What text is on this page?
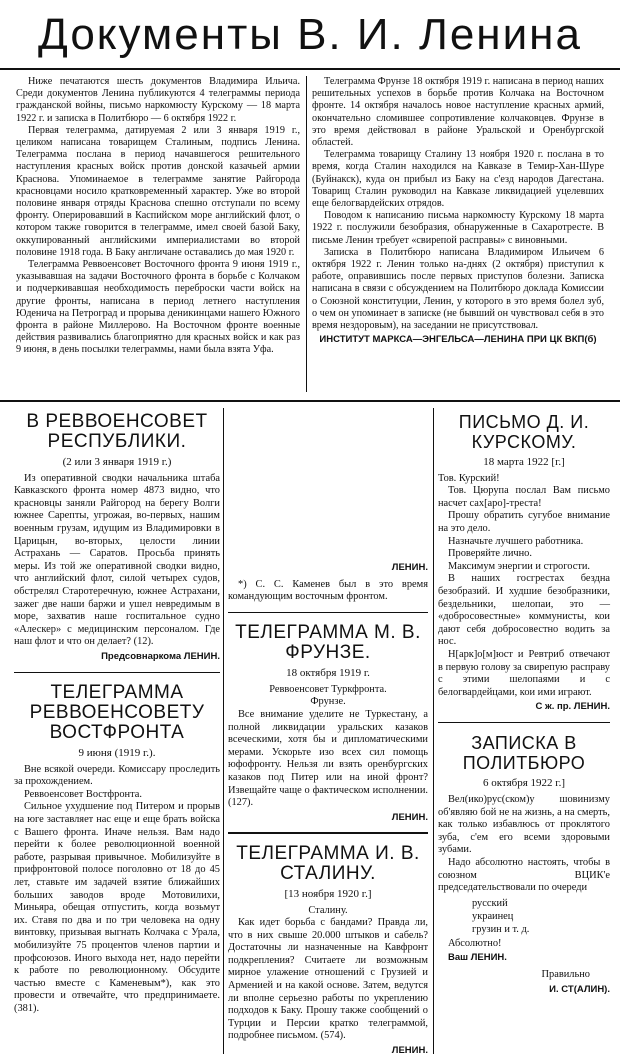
Документы В. И. Ленина

Ниже печатаются шесть документов Владимира Ильича. Среди документов Ленина публикуются 4 телеграммы периода гражданской войны, письмо наркомюсту Курскому — 18 марта 1922 г. и записка в Политбюро — 6 октября 1922 г.

Первая телеграмма, датируемая 2 или 3 января 1919 г., целиком написана товарищем Сталиным, подпись Ленина. Телеграмма послана в период начавшегося решительного наступления красных войск против донской казачьей армии Краснова. Упоминаемое в телеграмме занятие Райгорода красновцами носило кратковременный характер. Уже во второй половине января отряды Краснова спешно отступали по всему фронту. Оперировавший в Каспийском море английский флот, о котором также говорится в телеграмме, имел своей базой Баку, оккупированный английскими империалистами во второй половине 1918 года. В Баку англичане оставались до мая 1920 г.

Телеграмма Реввоенсовет Восточного фронта 9 июня 1919 г., указывавшая на задачи Восточного фронта в борьбе с Колчаком и подчеркивавшая необходимость переброски части войск на другие фронты, написана в период летнего наступления Юденича на Петроград и прорыва деникинцами нашего Южного фронта в районе Миллерово. На Восточном фронте военные действия развивались благоприятно для красных войск и как раз 9 июня, в день посылки телеграммы, нами была взята Уфа.

Телеграмма Фрунзе 18 октября 1919 г. написана в период наших решительных успехов в борьбе против Колчака на Восточном фронте. 14 октября началось новое наступление красных армий, окончательно сломившее сопротивление колчаковцев. Фрунзе в это время действовал в районе Уральской и Оренбургской областей.

Телеграмма товарищу Сталину 13 ноября 1920 г. послана в то время, когда Сталин находился на Кавказе в Темир-Хан-Шуре (Буйнакск), куда он прибыл из Баку на с'езд народов Дагестана. Товарищ Сталин руководил на Кавказе ликвидацией уцелевших еще белогвардейских отрядов.

Поводом к написанию письма наркомюсту Курскому 18 марта 1922 г. послужили безобразия, обнаруженные в Сахаротресте. В письме Ленин требует «свирепой расправы» с виновными.

Записка в Политбюро написана Владимиром Ильичем 6 октября 1922 г. Ленин только на-днях (2 октября) приступил к работе, оправившись после первых приступов болезни. Записка написана в связи с обсуждением на Политбюро доклада Комиссии о Союзной конституции, Ленин, у которого в это время болел зуб, о чем он упоминает в записке (не бывший он чувствовал себя в это время нездоровым), на заседании не присутствовал.

ИНСТИТУТ МАРКСА—ЭНГЕЛЬСА—ЛЕНИНА ПРИ ЦК ВКП(б)
В РЕВВОЕНСОВЕТ РЕСПУБЛИКИ.
(2 или 3 января 1919 г.)

Из оперативной сводки начальника штаба Кавказского фронта номер 4873 видно, что красновцы заняли Райгород на берегу Волги южнее Сарепты, угрожая, во-первых, нашим военным грузам, идущим из Владимировки в Царицын, во-вторых, целости линии Астрахань — Саратов. Просьба принять меры. Из той же оперативной сводки видно, что английский флот, силой четырех судов, обстрелял Старотеречную, южнее Астрахани, зажег две наши баржи и ушел невредимым в море, захватив наше госпитальное судно «Алескер» с медицинским персоналом. Где наш флот и что он делает? (12).

Предсовнаркома ЛЕНИН.
ТЕЛЕГРАММА РЕВВОЕНСОВЕТУ ВОСТФРОНТА
9 июня (1919 г.).

Вне всякой очереди. Комиссару проследить за прохождением.

Реввоенсовет Востфронта.

Сильное ухудшение под Питером и прорыв на юге заставляет нас еще и еще брать войска с Вашего фронта. Иначе нельзя. Вам надо перейти к более революционной военной работе, разрывая привычное. Мобилизуйте в прифронтовой полосе поголовно от 18 до 45 лет, ставьте им задачей взятие ближайших больших заводов вроде Мотовилихи, Миньяра, обещая отпустить, когда возьмут их. Ставя по два и по три человека на одну винтовку, призывая выгнать Колчака с Урала, мобилизуйте 75 процентов членов партии и профсоюзов. Иного выхода нет, надо перейти к работе по революционному. Обсудите частью вместе с Каменевым*), как это провести и отвечайте, что предпринимаете. (381).

ЛЕНИН.

*) С. С. Каменев был в это время командующим восточным фронтом.

ТЕЛЕГРАММА М. В. ФРУНЗЕ.
18 октября 1919 г.

Реввоенсовет Туркфронта.

Фрунзе.

Все внимание уделите не Туркестану, а полной ликвидации уральских казаков всеческими, хотя бы и дипломатическими мерами. Ускорьте изо всех сил помощь юфофронту. Нельзя ли взять оренбургских казаков под Питер или на иной фронт? Извещайте чаще о фактическом исполнении. (127).

ЛЕНИН.
ТЕЛЕГРАММА И. В. СТАЛИНУ.
[13 ноября 1920 г.]

Сталину.

Как идет борьба с бандами? Правда ли, что в них свыше 20.000 штыков и сабель? Достаточны ли назначенные на Кавфронт подкрепления? Считаете ли возможным мирное улажение отношений с Грузией и Арменией и на какой основе. Затем, ведутся ли вполне серьезно работы по укреплению подходов к Баку. Прошу также сообщений о Турции и Персии кратко телеграммой, подробнее письмом. (574).

ЛЕНИН.
ПИСЬМО Д. И. КУРСКОМУ.
18 марта 1922 [г.]

Тов. Курский!

Тов. Цюрупа послал Вам письмо насчет сах[аро]-треста!

Прошу обратить сугубое внимание на это дело.

Назначьте лучшего работника.

Проверяйте лично.

Максимум энергии и строгости.

В наших госгрестах бездна безобразий. И худшие безобразники, бездельники, шелопаи, это — «добросовестные» коммунисты, кои дают себя добросовестно водить за нос.

Н[арк]о[м]юст и Ревтриб отвечают в первую голову за свирепую расправу с этими шелопаями и с белогвардейцами, кои ими играют.

С ж. пр. ЛЕНИН.
ЗАПИСКА В ПОЛИТБЮРО
6 октября 1922 г.]

Вел(ико)рус(ском)у шовинизму об'являю бой не на жизнь, а на смерть, как только избавлюсь от проклятого зуба, с'ем его всеми здоровыми зубами.

Надо абсолютно настоять, чтобы в союзном ВЦИК'е председательствовали по очереди

русский
украинец
грузин и т. д.

Абсолютно!

Ваш ЛЕНИН.
Правильно
И. СТ(АЛИН).
